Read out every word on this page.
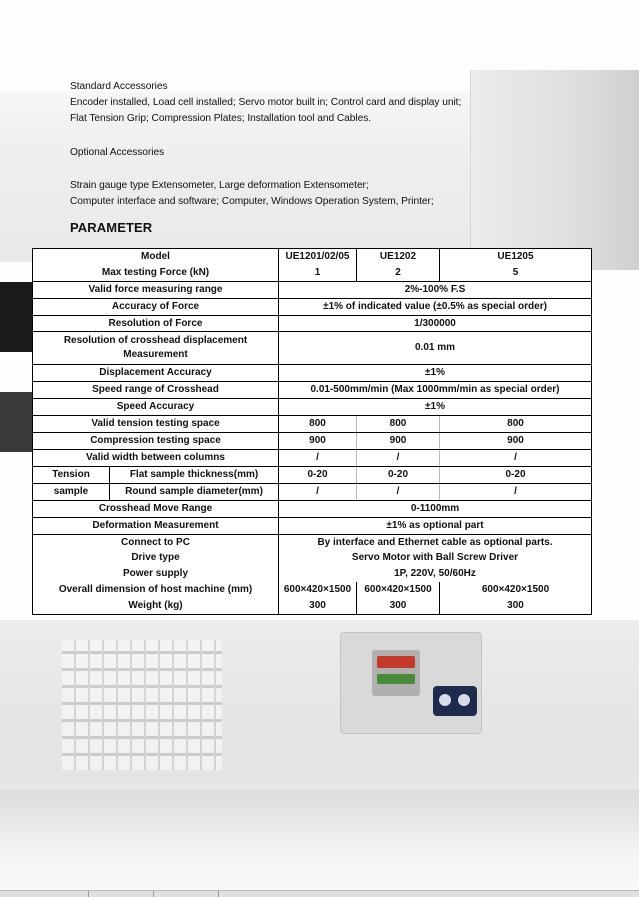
Standard Accessories
Encoder installed, Load cell installed; Servo motor built in; Control card and display unit;
Flat Tension Grip; Compression Plates; Installation tool and Cables.
Optional Accessories
Strain gauge type Extensometer, Large deformation Extensometer;
Computer interface and software; Computer, Windows Operation System, Printer;
PARAMETER
Model	UE1201/02/05	UE1202	UE1205
Max testing Force (kN)	1	2	5
Valid force measuring range	2%-100% F.S		
Accuracy of Force	±1% of indicated value (±0.5% as special order)		
Resolution of Force	1/300000		
Resolution of crosshead displacement Measurement	0.01 mm		
Displacement Accuracy	±1%		
Speed range of Crosshead	0.01-500mm/min (Max 1000mm/min as special order)		
Speed Accuracy	±1%		
Valid tension testing space	800	800	800
Compression testing space	900	900	900
Valid width between columns	/	/	/

Tension Flat sample thickness(mm)	0-20	0-20	0-20

sample Round sample diameter(mm)	/	/	/
Crosshead Move Range	0-1100mm		
Deformation Measurement	±1% as optional part		
Connect to PC	By interface and Ethernet cable as optional parts.		
Drive type	Servo Motor with Ball Screw Driver		
Power supply	1P, 220V, 50/60Hz		
Overall dimension of host machine (mm)	600×420×1500	600×420×1500	600×420×1500
Weight (kg)	300	300	300
